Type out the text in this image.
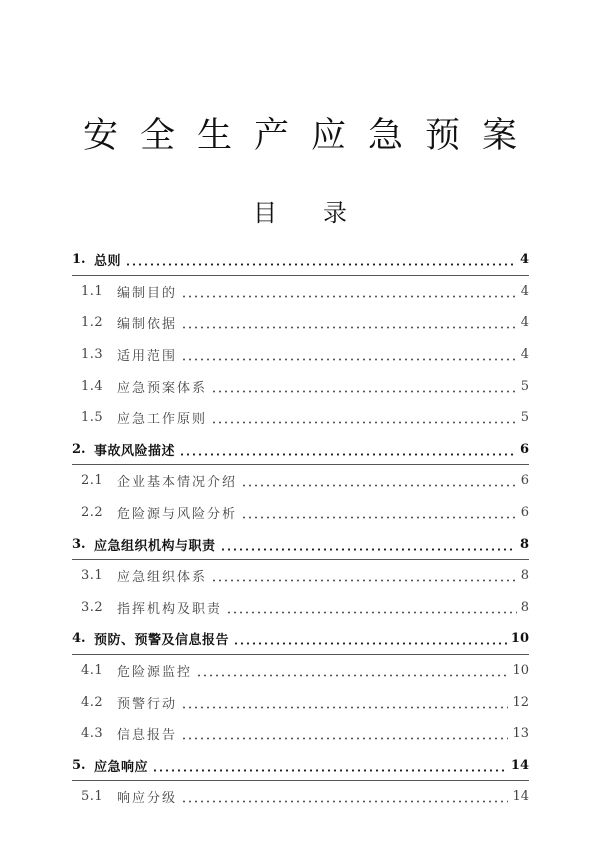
安全生产应急预案
目录
1. 总则	4
1.1	编制目的	4
1.2	编制依据	4
1.3	适用范围	4
1.4	应急预案体系	5
1.5	应急工作原则	5
2. 事故风险描述	6
2.1	企业基本情况介绍	6
2.2	危险源与风险分析	6
3. 应急组织机构与职责	8
3.1	应急组织体系	8
3.2	指挥机构及职责	8
4. 预防、预警及信息报告	10
4.1	危险源监控	10
4.2	预警行动	12
4.3	信息报告	13
5. 应急响应	14
5.1	响应分级	14
